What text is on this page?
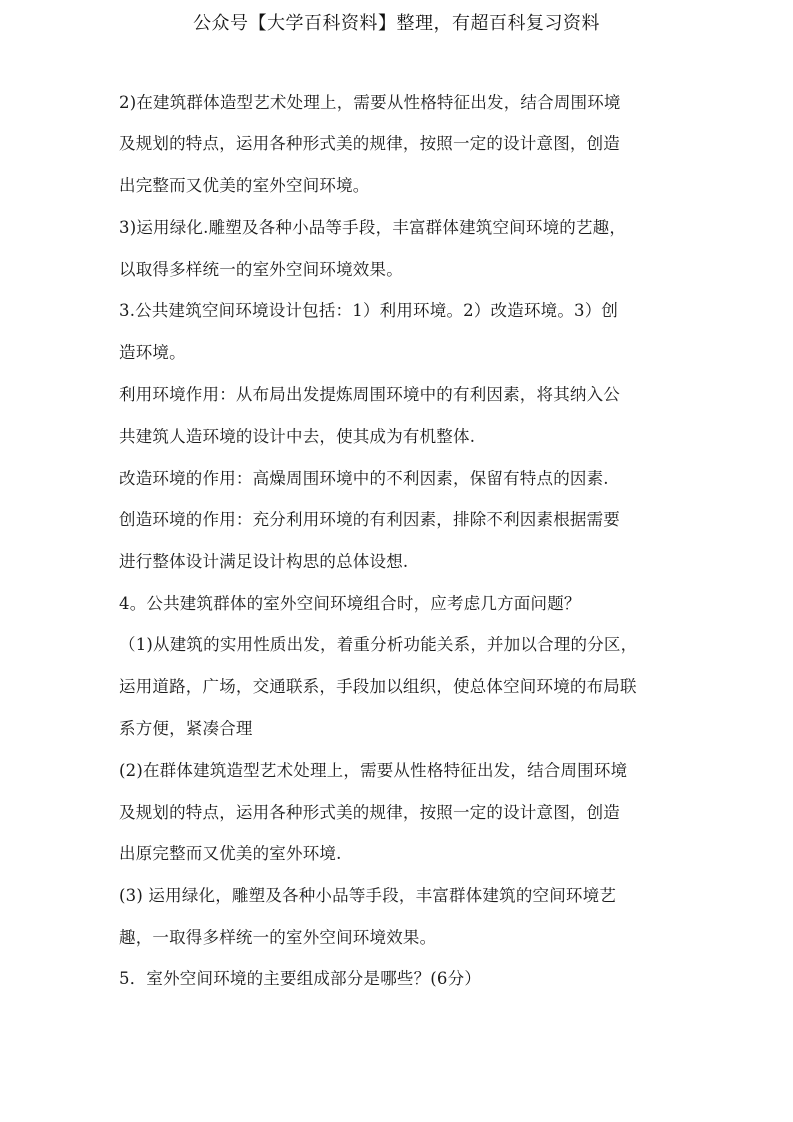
公众号【大学百科资料】整理，有超百科复习资料
2)在建筑群体造型艺术处理上，需要从性格特征出发，结合周围环境
及规划的特点，运用各种形式美的规律，按照一定的设计意图，创造
出完整而又优美的室外空间环境。
3)运用绿化.雕塑及各种小品等手段，丰富群体建筑空间环境的艺趣，
以取得多样统一的室外空间环境效果。
3.公共建筑空间环境设计包括：1）利用环境。2）改造环境。3）创
造环境。
利用环境作用：从布局出发提炼周围环境中的有利因素，将其纳入公
共建筑人造环境的设计中去，使其成为有机整体.
改造环境的作用：高燥周围环境中的不利因素，保留有特点的因素.
创造环境的作用：充分利用环境的有利因素，排除不利因素根据需要
进行整体设计满足设计构思的总体设想.
4。公共建筑群体的室外空间环境组合时，应考虑几方面问题？
（1)从建筑的实用性质出发，着重分析功能关系，并加以合理的分区，
运用道路，广场，交通联系，手段加以组织，使总体空间环境的布局联
系方便，紧凑合理
(2)在群体建筑造型艺术处理上，需要从性格特征出发，结合周围环境
及规划的特点，运用各种形式美的规律，按照一定的设计意图，创造
出原完整而又优美的室外环境.
(3) 运用绿化，雕塑及各种小品等手段，丰富群体建筑的空间环境艺
趣，一取得多样统一的室外空间环境效果。
5．室外空间环境的主要组成部分是哪些？(6分）
